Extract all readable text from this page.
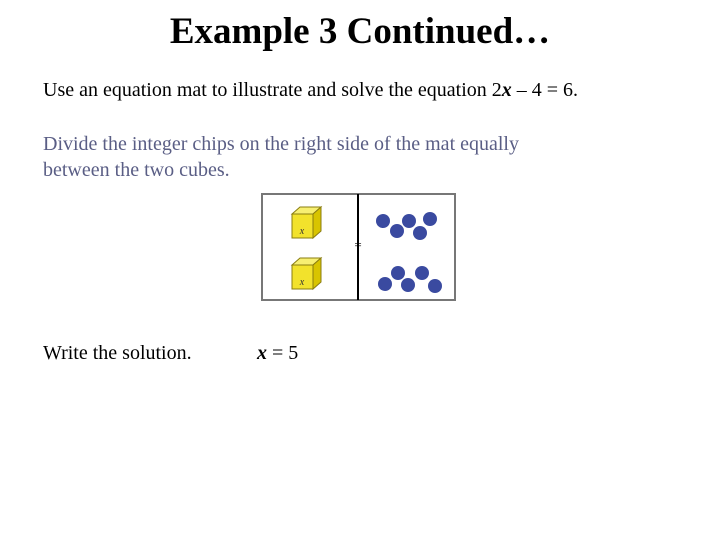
Example 3 Continued…
Use an equation mat to illustrate and solve the equation 2x – 4 = 6.
Divide the integer chips on the right side of the mat equally
between the two cubes.
=
x
x
Write the solution.	x = 5
